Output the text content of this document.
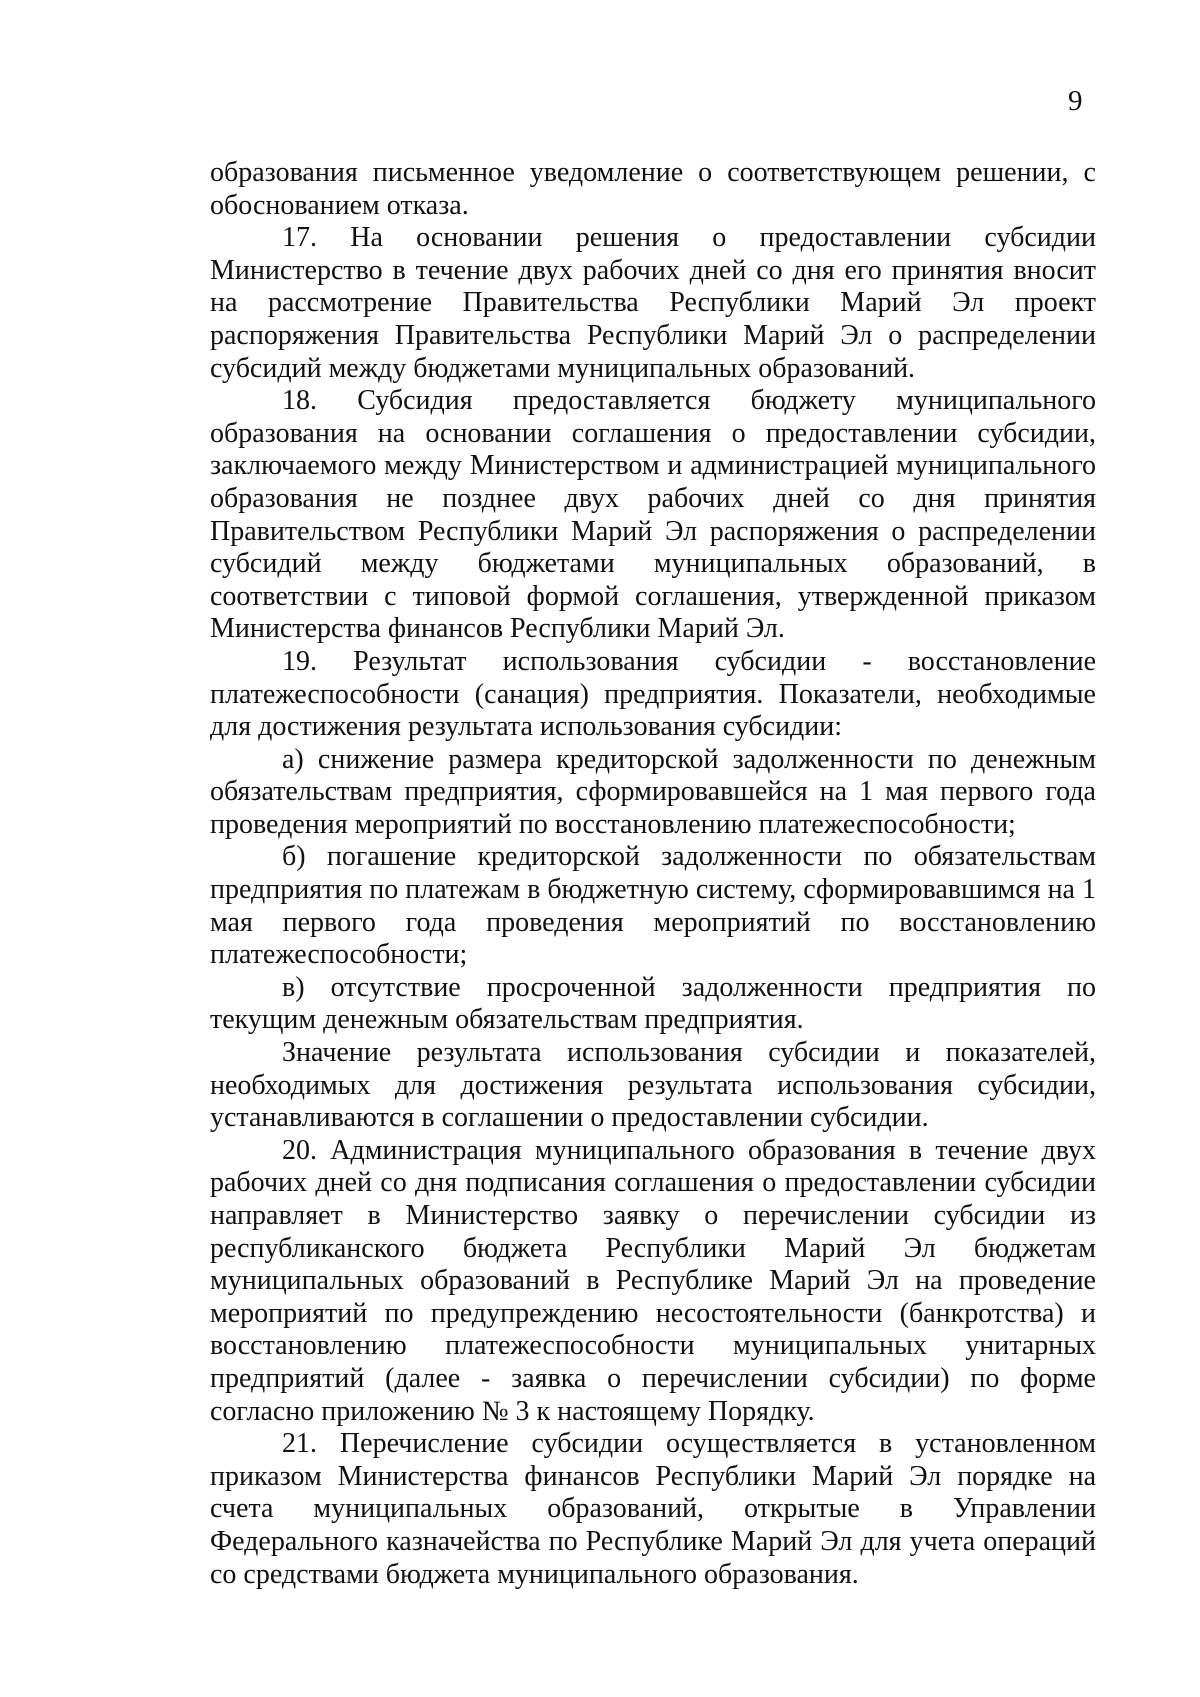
9

образования письменное уведомление о соответствующем решении, с обоснованием отказа.

17. На основании решения о предоставлении субсидии Министерство в течение двух рабочих дней со дня его принятия вносит на рассмотрение Правительства Республики Марий Эл проект распоряжения Правительства Республики Марий Эл о распределении субсидий между бюджетами муниципальных образований.

18. Субсидия предоставляется бюджету муниципального образования на основании соглашения о предоставлении субсидии, заключаемого между Министерством и администрацией муниципального образования не позднее двух рабочих дней со дня принятия Правительством Республики Марий Эл распоряжения о распределении субсидий между бюджетами муниципальных образований, в соответствии с типовой формой соглашения, утвержденной приказом Министерства финансов Республики Марий Эл.

19. Результат использования субсидии - восстановление платежеспособности (санация) предприятия. Показатели, необходимые для достижения результата использования субсидии:

а) снижение размера кредиторской задолженности по денежным обязательствам предприятия, сформировавшейся на 1 мая первого года проведения мероприятий по восстановлению платежеспособности;

б) погашение кредиторской задолженности по обязательствам предприятия по платежам в бюджетную систему, сформировавшимся на 1 мая первого года проведения мероприятий по восстановлению платежеспособности;

в) отсутствие просроченной задолженности предприятия по текущим денежным обязательствам предприятия.

Значение результата использования субсидии и показателей, необходимых для достижения результата использования субсидии, устанавливаются в соглашении о предоставлении субсидии.

20. Администрация муниципального образования в течение двух рабочих дней со дня подписания соглашения о предоставлении субсидии направляет в Министерство заявку о перечислении субсидии из республиканского бюджета Республики Марий Эл бюджетам муниципальных образований в Республике Марий Эл на проведение мероприятий по предупреждению несостоятельности (банкротства) и восстановлению платежеспособности муниципальных унитарных предприятий (далее - заявка о перечислении субсидии) по форме согласно приложению № 3 к настоящему Порядку.

21. Перечисление субсидии осуществляется в установленном приказом Министерства финансов Республики Марий Эл порядке на счета муниципальных образований, открытые в Управлении Федерального казначейства по Республике Марий Эл для учета операций со средствами бюджета муниципального образования.
